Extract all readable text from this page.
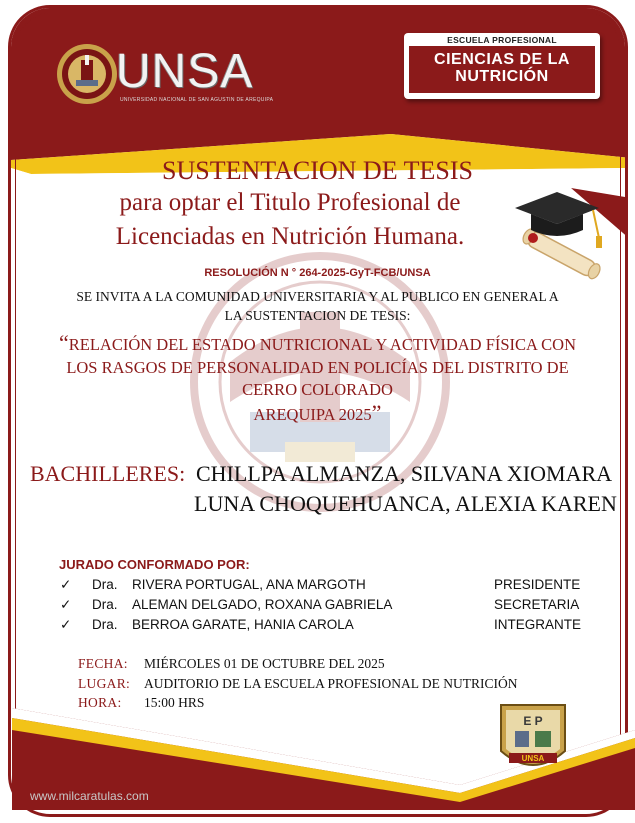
UNSA
UNIVERSIDAD NACIONAL DE SAN AGUSTIN DE AREQUIPA
ESCUELA PROFESIONAL
CIENCIAS DE LA
NUTRICIÓN
SUSTENTACION DE TESIS
para optar el Titulo Profesional de
Licenciadas en Nutrición Humana.
RESOLUCIÓN N ° 264-2025-GyT-FCB/UNSA
SE INVITA A LA COMUNIDAD UNIVERSITARIA Y AL PUBLICO EN GENERAL A
LA SUSTENTACION DE TESIS:
“RELACIÓN DEL ESTADO NUTRICIONAL Y ACTIVIDAD FÍSICA CON
LOS RASGOS DE PERSONALIDAD EN POLICÍAS DEL DISTRITO DE
CERRO COLORADO
AREQUIPA 2025”
BACHILLERES: CHILLPA ALMANZA, SILVANA XIOMARA
LUNA CHOQUEHUANCA, ALEXIA KAREN
JURADO CONFORMADO POR:
✓ Dra. RIVERA PORTUGAL, ANA MARGOTH	PRESIDENTE
✓ Dra. ALEMAN DELGADO, ROXANA GABRIELA	SECRETARIA
✓ Dra. BERROA GARATE, HANIA CAROLA	INTEGRANTE
FECHA: MIÉRCOLES 01 DE OCTUBRE DEL 2025
LUGAR: AUDITORIO DE LA ESCUELA PROFESIONAL DE NUTRICIÓN
HORA: 15:00 HRS
www.milcaratulas.com
UNSA
E P
